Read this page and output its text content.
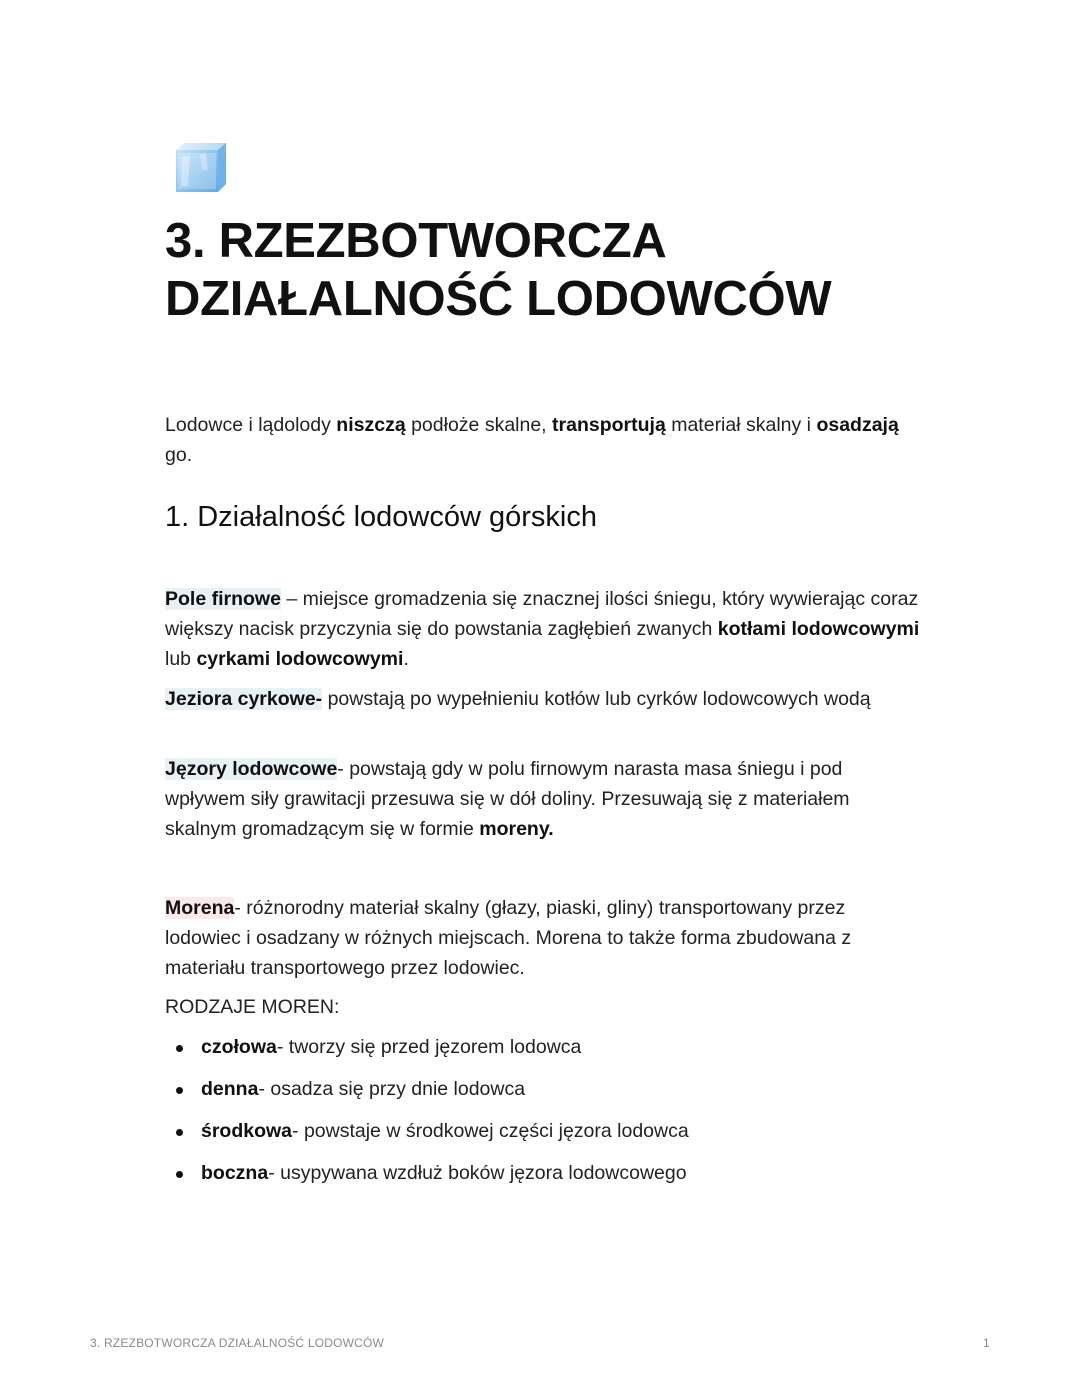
3. RZEZBOTWORCZA
DZIAŁALNOŚĆ LODOWCÓW

Lodowce i lądolody niszczą podłoże skalne, transportują materiał skalny i osadzają go.

1. Działalność lodowców górskich

Pole firnowe – miejsce gromadzenia się znacznej ilości śniegu, który wywierając coraz większy nacisk przyczynia się do powstania zagłębień zwanych kotłami lodowcowymi lub cyrkami lodowcowymi.

Jeziora cyrkowe- powstają po wypełnieniu kotłów lub cyrków lodowcowych wodą

Jęzory lodowcowe- powstają gdy w polu firnowym narasta masa śniegu i pod wpływem siły grawitacji przesuwa się w dół doliny. Przesuwają się z materiałem skalnym gromadzącym się w formie moreny.

Morena- różnorodny materiał skalny (głazy, piaski, gliny) transportowany przez lodowiec i osadzany w różnych miejscach. Morena to także forma zbudowana z materiału transportowego przez lodowiec.

RODZAJE MOREN:

czołowa- tworzy się przed jęzorem lodowca
denna- osadza się przy dnie lodowca
środkowa- powstaje w środkowej części jęzora lodowca
boczna- usypywana wzdłuż boków jęzora lodowcowego
3. RZEZBOTWORCZA DZIAŁALNOŚĆ LODOWCÓW	1
